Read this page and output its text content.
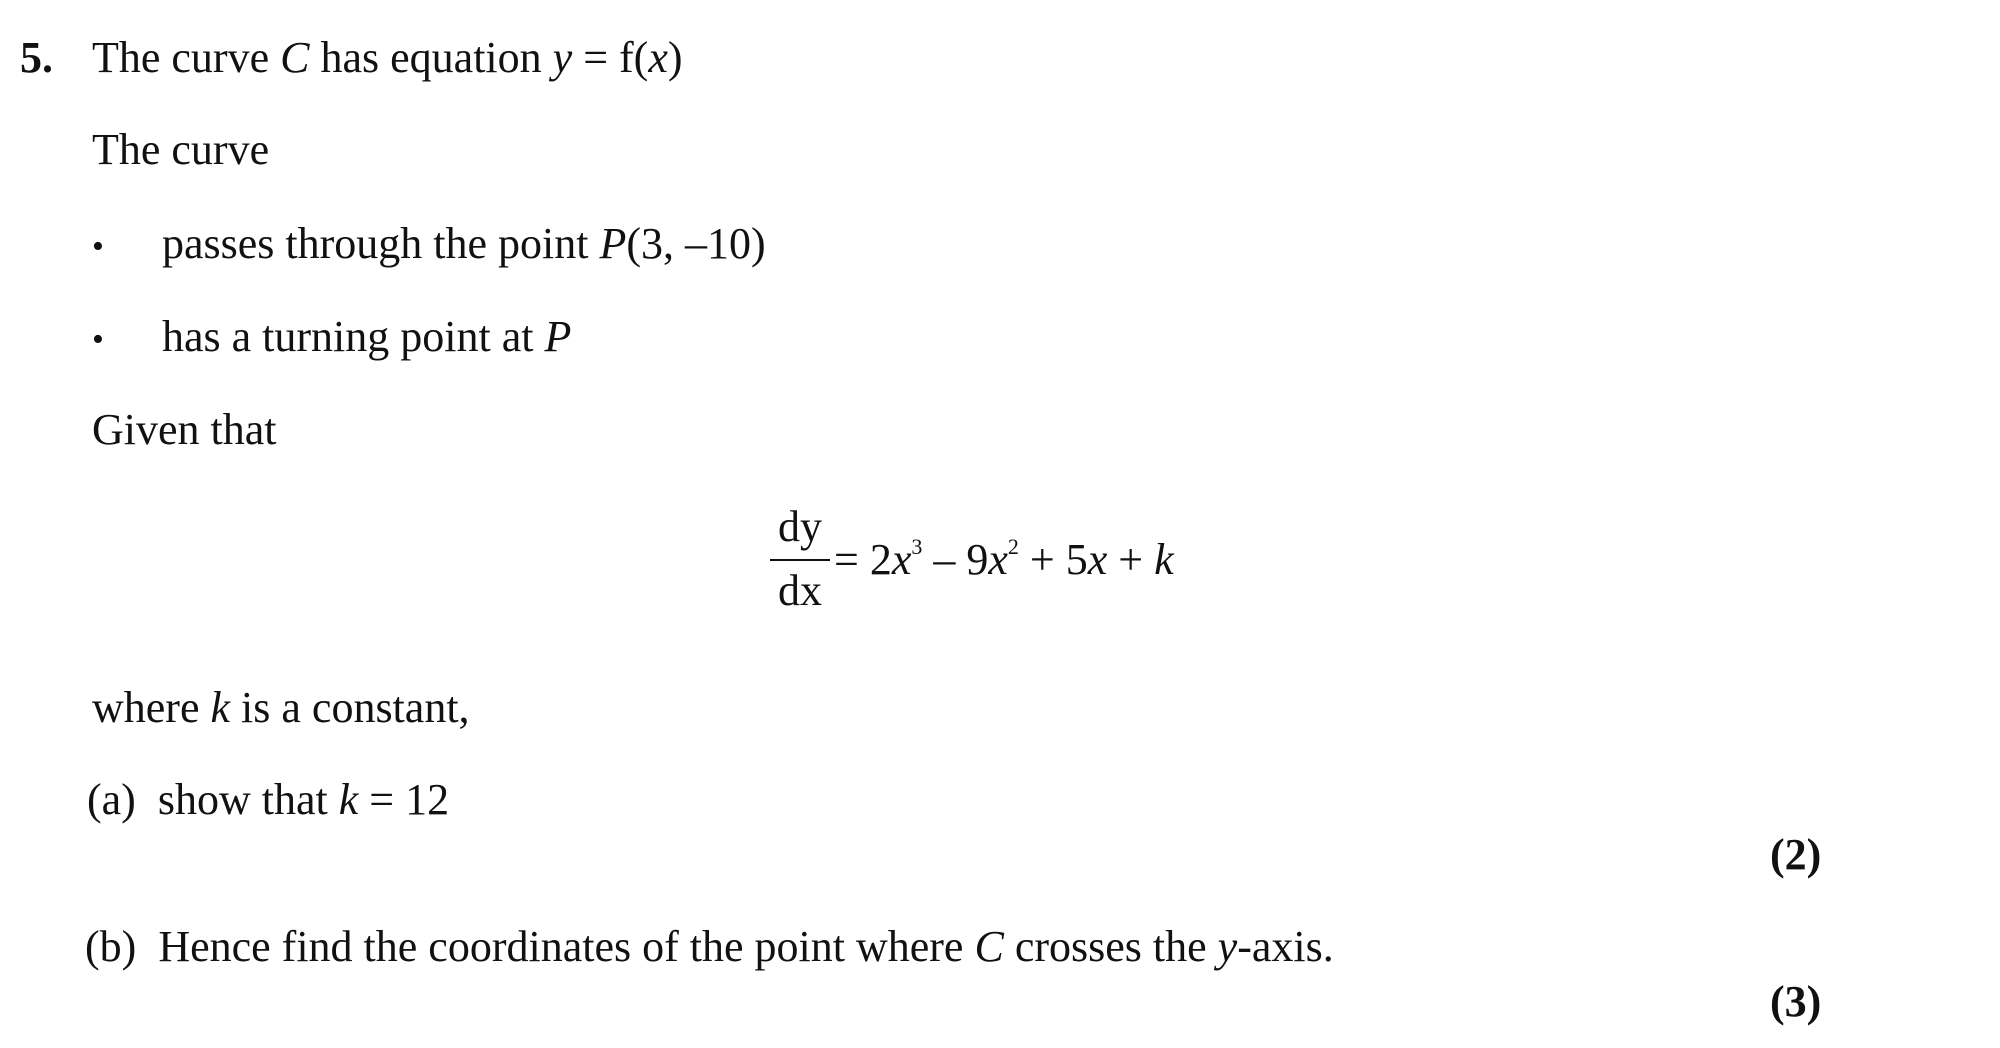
5. The curve C has equation y = f(x)
The curve
• passes through the point P(3, –10)
• has a turning point at P
Given that
dy
dx
= $2x^3 - 9x^2 + 5x + k$
where k is a constant,
(a) show that k = 12
(2)
(b) Hence find the coordinates of the point where C crosses the y-axis.
(3)
